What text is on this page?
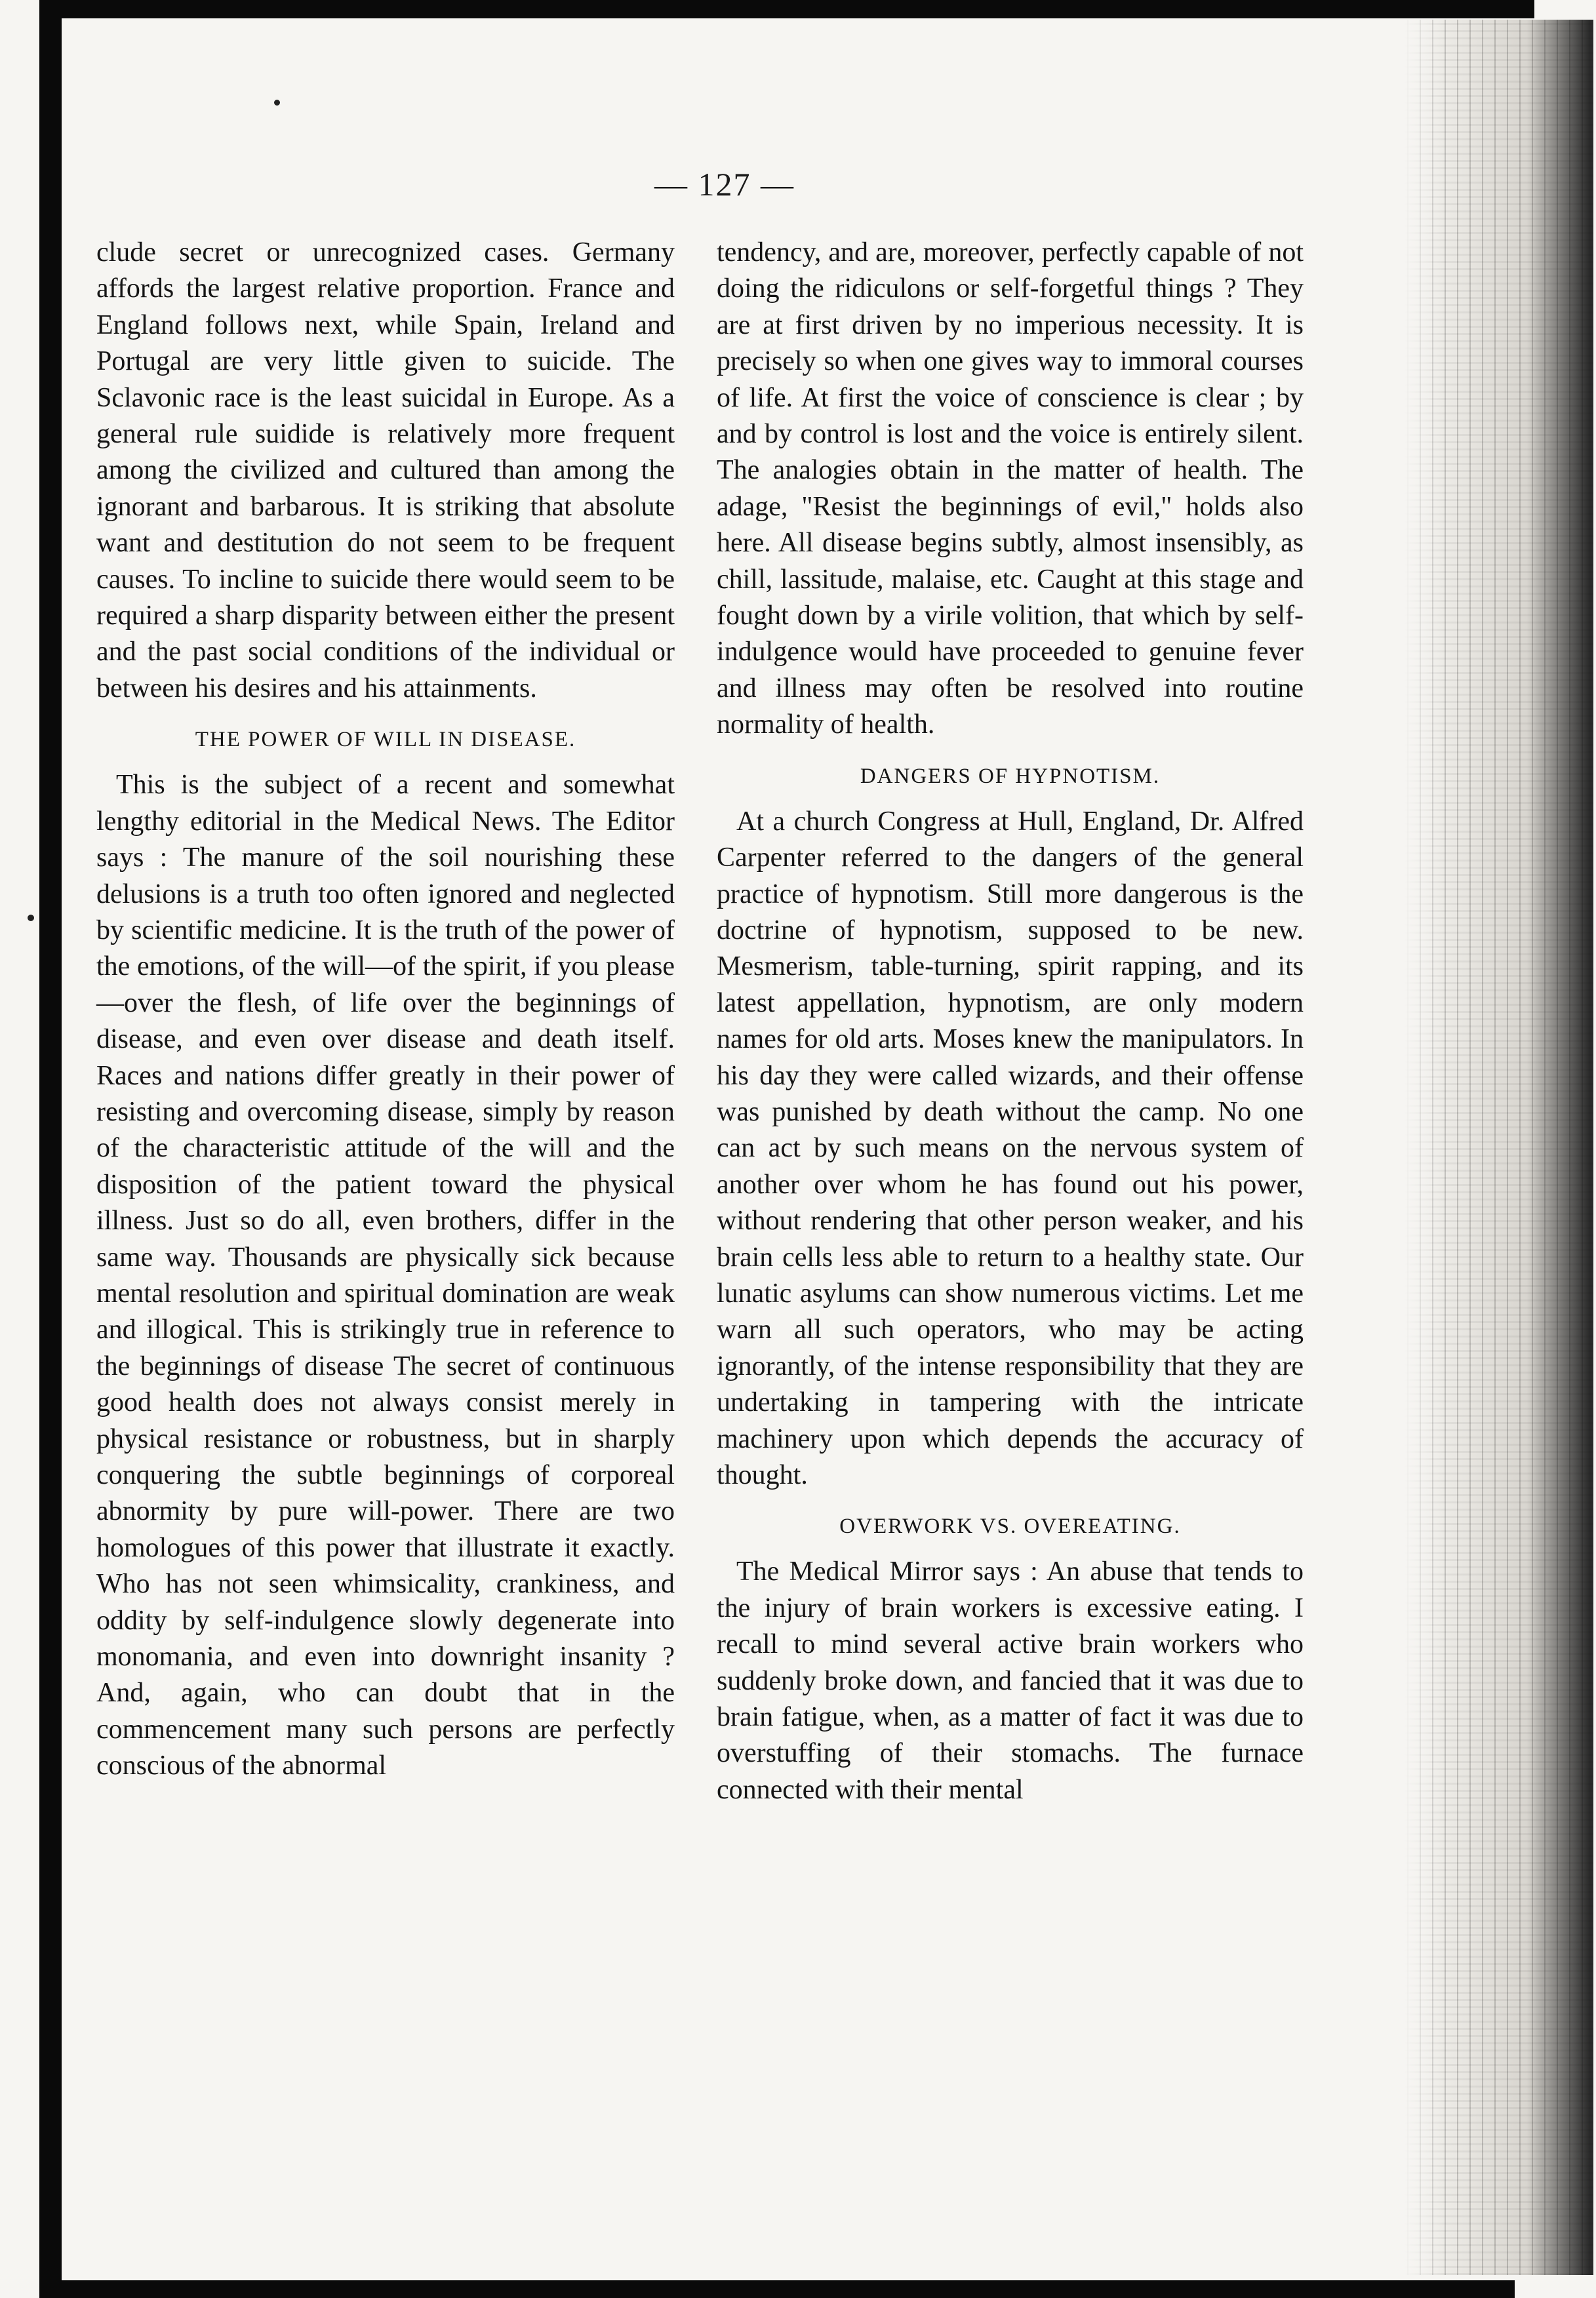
— 127 —

clude secret or unrecognized cases. Germany affords the largest relative proportion. France and England follows next, while Spain, Ireland and Portugal are very little given to suicide. The Sclavonic race is the least suicidal in Europe. As a general rule suidide is relatively more frequent among the civilized and cultured than among the ignorant and barbarous. It is striking that absolute want and destitution do not seem to be frequent causes. To incline to suicide there would seem to be required a sharp disparity between either the present and the past social conditions of the individual or between his desires and his attainments.

THE POWER OF WILL IN DISEASE.

This is the subject of a recent and somewhat lengthy editorial in the Medical News. The Editor says : The manure of the soil nourishing these delusions is a truth too often ignored and neglected by scientific medicine. It is the truth of the power of the emotions, of the will—of the spirit, if you please—over the flesh, of life over the beginnings of disease, and even over disease and death itself. Races and nations differ greatly in their power of resisting and overcoming disease, simply by reason of the characteristic attitude of the will and the disposition of the patient toward the physical illness. Just so do all, even brothers, differ in the same way. Thousands are physically sick because mental resolution and spiritual domination are weak and illogical. This is strikingly true in reference to the beginnings of disease The secret of continuous good health does not always consist merely in physical resistance or robustness, but in sharply conquering the subtle beginnings of corporeal abnormity by pure will-power. There are two homologues of this power that illustrate it exactly. Who has not seen whimsicality, crankiness, and oddity by self-indulgence slowly degenerate into monomania, and even into downright insanity ? And, again, who can doubt that in the commencement many such persons are perfectly conscious of the abnormal

tendency, and are, moreover, perfectly capable of not doing the ridiculons or self-forgetful things ? They are at first driven by no imperious necessity. It is precisely so when one gives way to immoral courses of life. At first the voice of conscience is clear ; by and by control is lost and the voice is entirely silent. The analogies obtain in the matter of health. The adage, "Resist the beginnings of evil," holds also here. All disease begins subtly, almost insensibly, as chill, lassitude, malaise, etc. Caught at this stage and fought down by a virile volition, that which by self-indulgence would have proceeded to genuine fever and illness may often be resolved into routine normality of health.

DANGERS OF HYPNOTISM.

At a church Congress at Hull, England, Dr. Alfred Carpenter referred to the dangers of the general practice of hypnotism. Still more dangerous is the doctrine of hypnotism, supposed to be new. Mesmerism, table-turning, spirit rapping, and its latest appellation, hypnotism, are only modern names for old arts. Moses knew the manipulators. In his day they were called wizards, and their offense was punished by death without the camp. No one can act by such means on the nervous system of another over whom he has found out his power, without rendering that other person weaker, and his brain cells less able to return to a healthy state. Our lunatic asylums can show numerous victims. Let me warn all such operators, who may be acting ignorantly, of the intense responsibility that they are undertaking in tampering with the intricate machinery upon which depends the accuracy of thought.

OVERWORK VS. OVEREATING.

The Medical Mirror says : An abuse that tends to the injury of brain workers is excessive eating. I recall to mind several active brain workers who suddenly broke down, and fancied that it was due to brain fatigue, when, as a matter of fact it was due to overstuffing of their stomachs. The furnace connected with their mental
